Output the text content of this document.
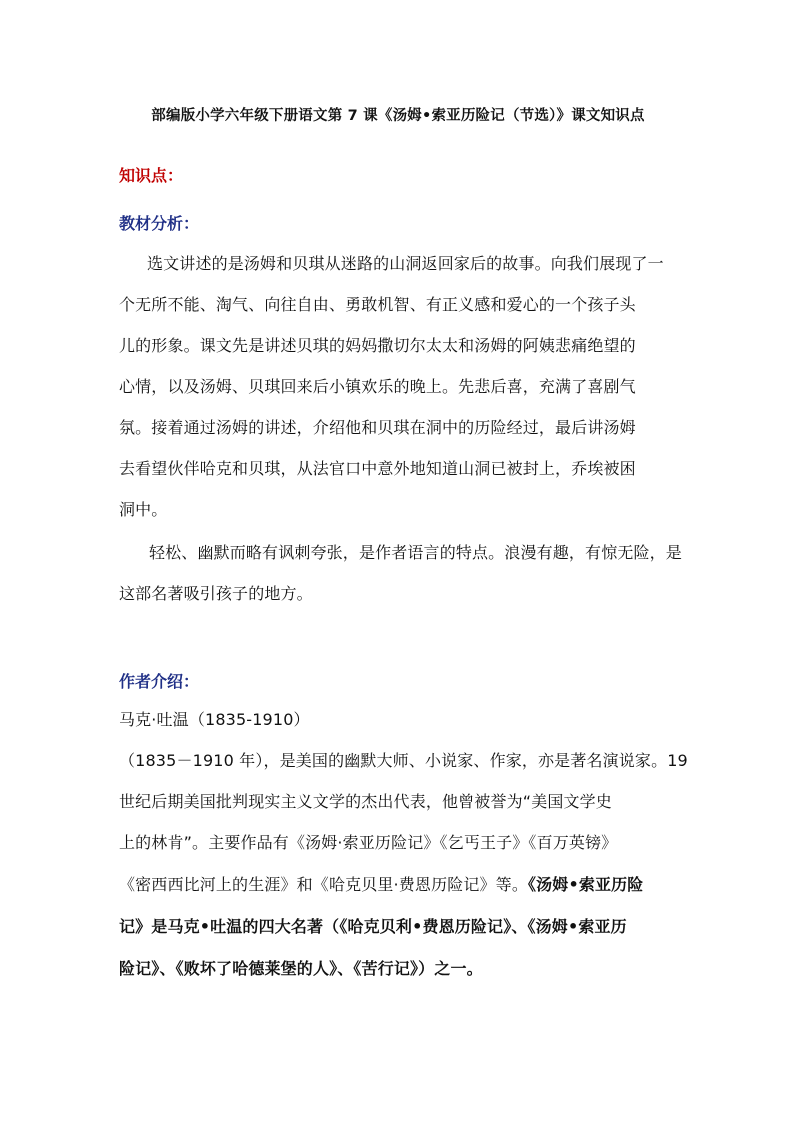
部编版小学六年级下册语文第 7 课《汤姆•索亚历险记（节选）》课文知识点
知识点：
教材分析：
选文讲述的是汤姆和贝琪从迷路的山洞返回家后的故事。向我们展现了一
个无所不能、淘气、向往自由、勇敢机智、有正义感和爱心的一个孩子头
儿的形象。课文先是讲述贝琪的妈妈撒切尔太太和汤姆的阿姨悲痛绝望的
心情，以及汤姆、贝琪回来后小镇欢乐的晚上。先悲后喜，充满了喜剧气
氛。接着通过汤姆的讲述，介绍他和贝琪在洞中的历险经过，最后讲汤姆
去看望伙伴哈克和贝琪，从法官口中意外地知道山洞已被封上，乔埃被困
洞中。
轻松、幽默而略有讽刺夸张，是作者语言的特点。浪漫有趣，有惊无险，是
这部名著吸引孩子的地方。
作者介绍：
马克·吐温（1835-1910）
（1835－1910 年），是美国的幽默大师、小说家、作家，亦是著名演说家。19
世纪后期美国批判现实主义文学的杰出代表，他曾被誉为“美国文学史
上的林肯”。主要作品有《汤姆·索亚历险记》《乞丐王子》《百万英镑》
《密西西比河上的生涯》和《哈克贝里·费恩历险记》等。《汤姆•索亚历险
记》是马克•吐温的四大名著（《哈克贝利•费恩历险记》、《汤姆•索亚历
险记》、《败坏了哈德莱堡的人》、《苦行记》）之一。
